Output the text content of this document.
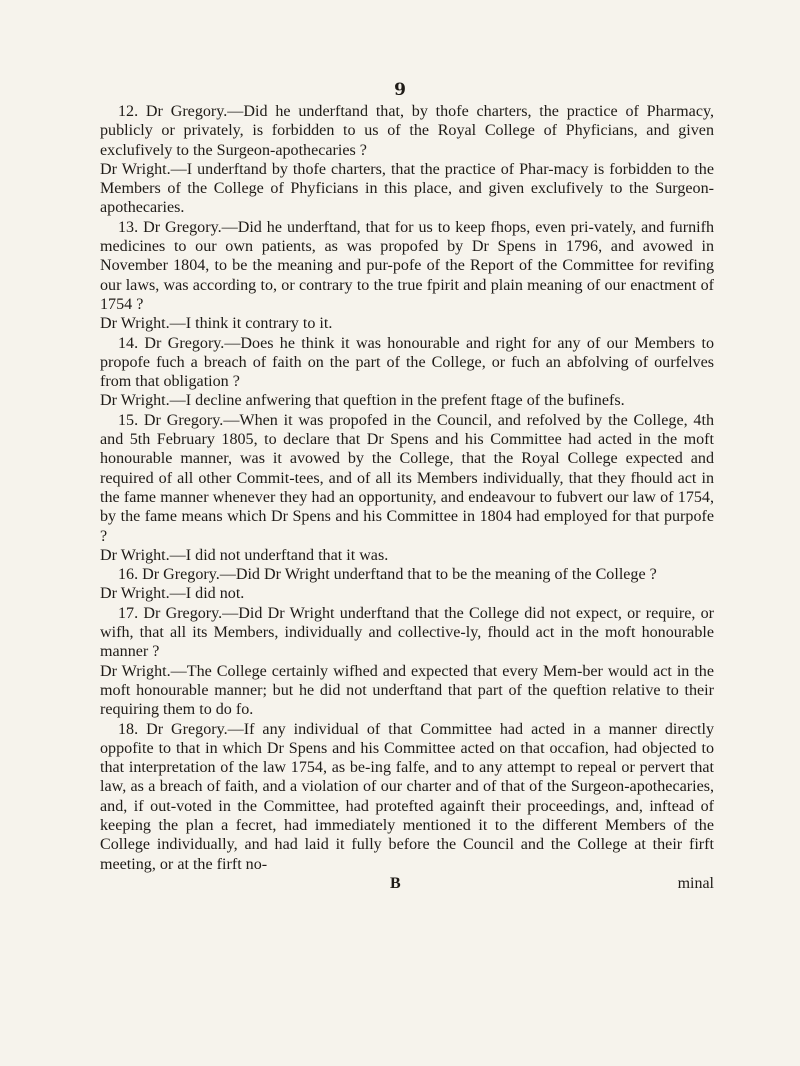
9

12. Dr Gregory.—Did he underftand that, by thofe charters, the practice of Pharmacy, publicly or privately, is forbidden to us of the Royal College of Phyficians, and given exclufively to the Surgeon-apothecaries ?

Dr Wright.—I underftand by thofe charters, that the practice of Phar-macy is forbidden to the Members of the College of Phyficians in this place, and given exclufively to the Surgeon-apothecaries.

13. Dr Gregory.—Did he underftand, that for us to keep fhops, even pri-vately, and furnifh medicines to our own patients, as was propofed by Dr Spens in 1796, and avowed in November 1804, to be the meaning and pur-pofe of the Report of the Committee for revifing our laws, was according to, or contrary to the true fpirit and plain meaning of our enactment of 1754 ?

Dr Wright.—I think it contrary to it.

14. Dr Gregory.—Does he think it was honourable and right for any of our Members to propofe fuch a breach of faith on the part of the College, or fuch an abfolving of ourfelves from that obligation ?

Dr Wright.—I decline anfwering that queftion in the prefent ftage of the bufinefs.

15. Dr Gregory.—When it was propofed in the Council, and refolved by the College, 4th and 5th February 1805, to declare that Dr Spens and his Committee had acted in the moft honourable manner, was it avowed by the College, that the Royal College expected and required of all other Commit-tees, and of all its Members individually, that they fhould act in the fame manner whenever they had an opportunity, and endeavour to fubvert our law of 1754, by the fame means which Dr Spens and his Committee in 1804 had employed for that purpofe ?

Dr Wright.—I did not underftand that it was.

16. Dr Gregory.—Did Dr Wright underftand that to be the meaning of the College ?

Dr Wright.—I did not.

17. Dr Gregory.—Did Dr Wright underftand that the College did not expect, or require, or wifh, that all its Members, individually and collective-ly, fhould act in the moft honourable manner ?

Dr Wright.—The College certainly wifhed and expected that every Mem-ber would act in the moft honourable manner; but he did not underftand that part of the queftion relative to their requiring them to do fo.

18. Dr Gregory.—If any individual of that Committee had acted in a manner directly oppofite to that in which Dr Spens and his Committee acted on that occafion, had objected to that interpretation of the law 1754, as be-ing falfe, and to any attempt to repeal or pervert that law, as a breach of faith, and a violation of our charter and of that of the Surgeon-apothecaries, and, if out-voted in the Committee, had protefted againft their proceedings, and, inftead of keeping the plan a fecret, had immediately mentioned it to the different Members of the College individually, and had laid it fully before the Council and the College at their firft meeting, or at the firft no-

B	minal
